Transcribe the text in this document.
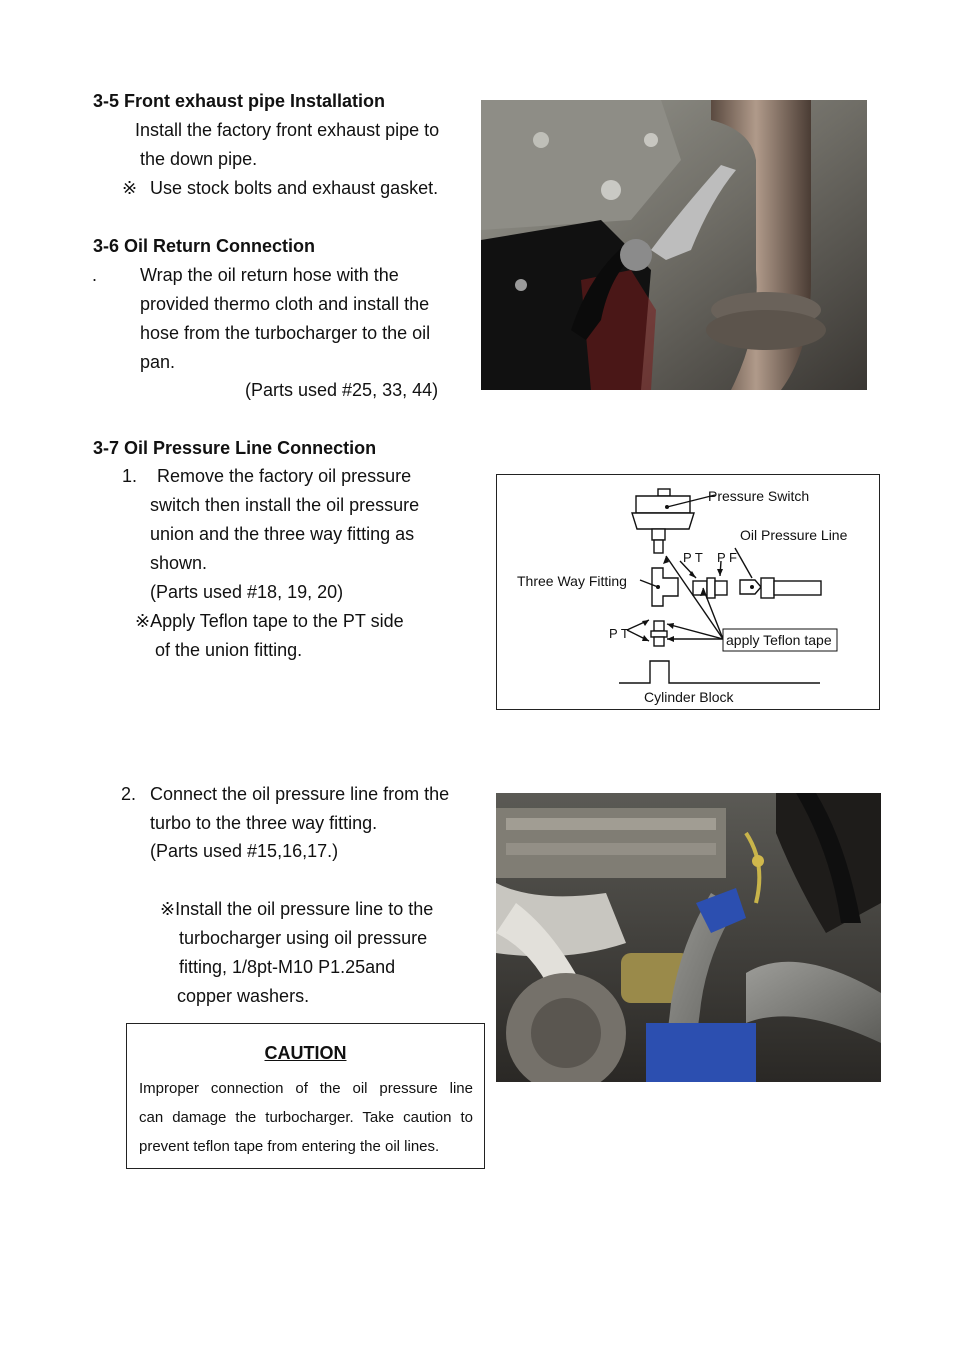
3-5 Front exhaust pipe Installation
Install the factory front exhaust pipe to
the down pipe.
※ Use stock bolts and exhaust gasket.
3-6 Oil Return Connection
. Wrap the oil return hose with the
provided thermo cloth and install the
hose from the turbocharger to the oil
pan.
(Parts used #25, 33, 44)
3-7 Oil Pressure Line Connection
1. Remove the factory oil pressure
switch then install the oil pressure
union and the three way fitting as
shown.
(Parts used #18, 19, 20)
※Apply Teflon tape to the PT side
of the union fitting.
Pressure Switch
Oil Pressure Line
P T P F
Three Way Fitting
P T	apply Teflon tape
Cylinder Block
2. Connect the oil pressure line from the
turbo to the three way fitting.
(Parts used #15,16,17.)
※Install the oil pressure line to the
turbocharger using oil pressure
fitting, 1/8pt-M10 P1.25and
copper washers.
CAUTION
Improper connection of the oil pressure line
can damage the turbocharger. Take caution to
prevent teflon tape from entering the oil lines.
